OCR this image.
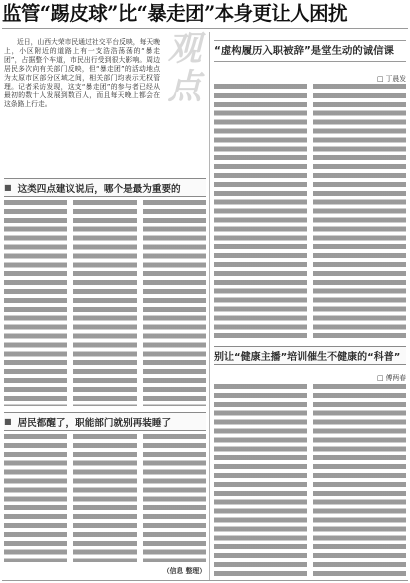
监管“踢皮球”比“暴走团”本身更让人困扰
近日，山西大荣市民通过社交平台反映，每天晚上，小区附近的道路上有一支浩浩荡荡的“暴走团”，占据整个车道，市民出行受到很大影响。周边居民多次向有关部门反映，但“暴走团”的活动地点为太原市区部分区域之间，相关部门均表示无权管理。记者采访发现，这支“暴走团”的参与者已经从最初的数十人发展到数百人，而且每天晚上都会在这条路上行走。	观点	“虚构履历入职被辞”是堂生动的诚信课
□ 丁晨发
■ 这类四点建议说后，哪个是最为重要的
■ 居民都醒了，职能部门就别再装睡了
（信息 整理）
别让“健康主播”培训催生不健康的“科普”
□ 傅两春
